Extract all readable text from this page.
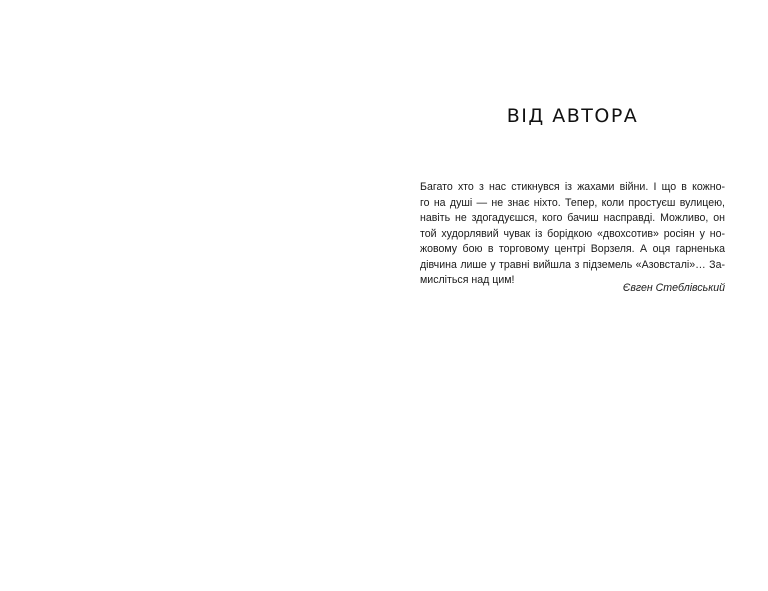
ВІД АВТОРА
Багато хто з нас стикнувся із жахами війни. І що в кожно-
го на душі — не знає ніхто. Тепер, коли простуєш вулицею,
навіть не здогадуєшся, кого бачиш насправді. Можливо, он
той худорлявий чувак із борідкою «двохсотив» росіян у но-
жовому бою в торговому центрі Ворзеля. А оця гарненька
дівчина лише у травні вийшла з підземель «Азовсталі»… За-
мисліться над цим!

Євген Стеблівський
